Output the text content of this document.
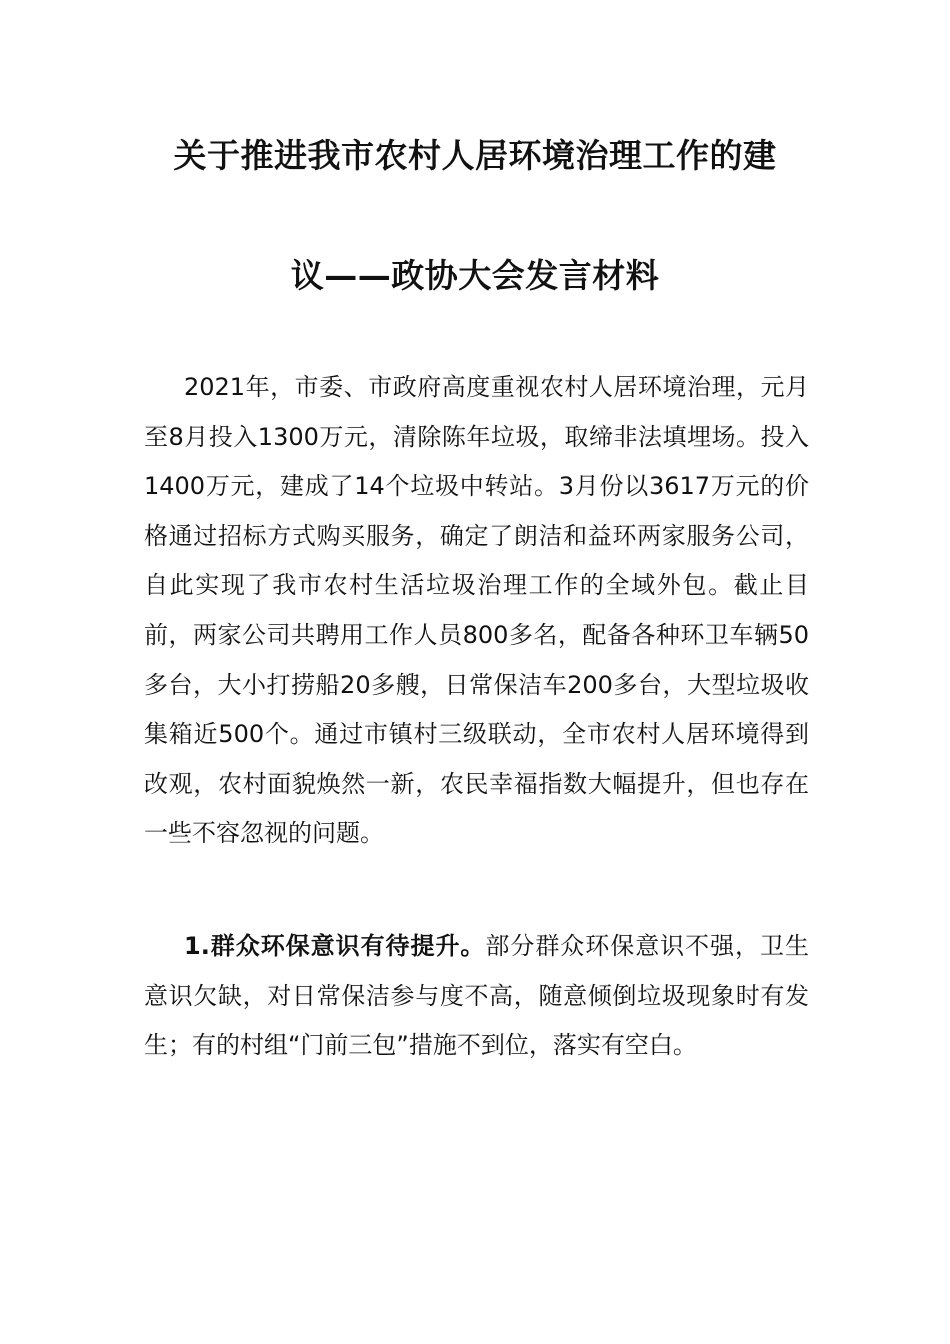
关于推进我市农村人居环境治理工作的建
议——政协大会发言材料

2021年，市委、市政府高度重视农村人居环境治理，元月至8月投入1300万元，清除陈年垃圾，取缔非法填埋场。投入1400万元，建成了14个垃圾中转站。3月份以3617万元的价格通过招标方式购买服务，确定了朗洁和益环两家服务公司，自此实现了我市农村生活垃圾治理工作的全域外包。截止目前，两家公司共聘用工作人员800多名，配备各种环卫车辆50多台，大小打捞船20多艘，日常保洁车200多台，大型垃圾收集箱近500个。通过市镇村三级联动，全市农村人居环境得到改观，农村面貌焕然一新，农民幸福指数大幅提升，但也存在一些不容忽视的问题。

1.群众环保意识有待提升。部分群众环保意识不强，卫生意识欠缺，对日常保洁参与度不高，随意倾倒垃圾现象时有发生；有的村组“门前三包”措施不到位，落实有空白。
